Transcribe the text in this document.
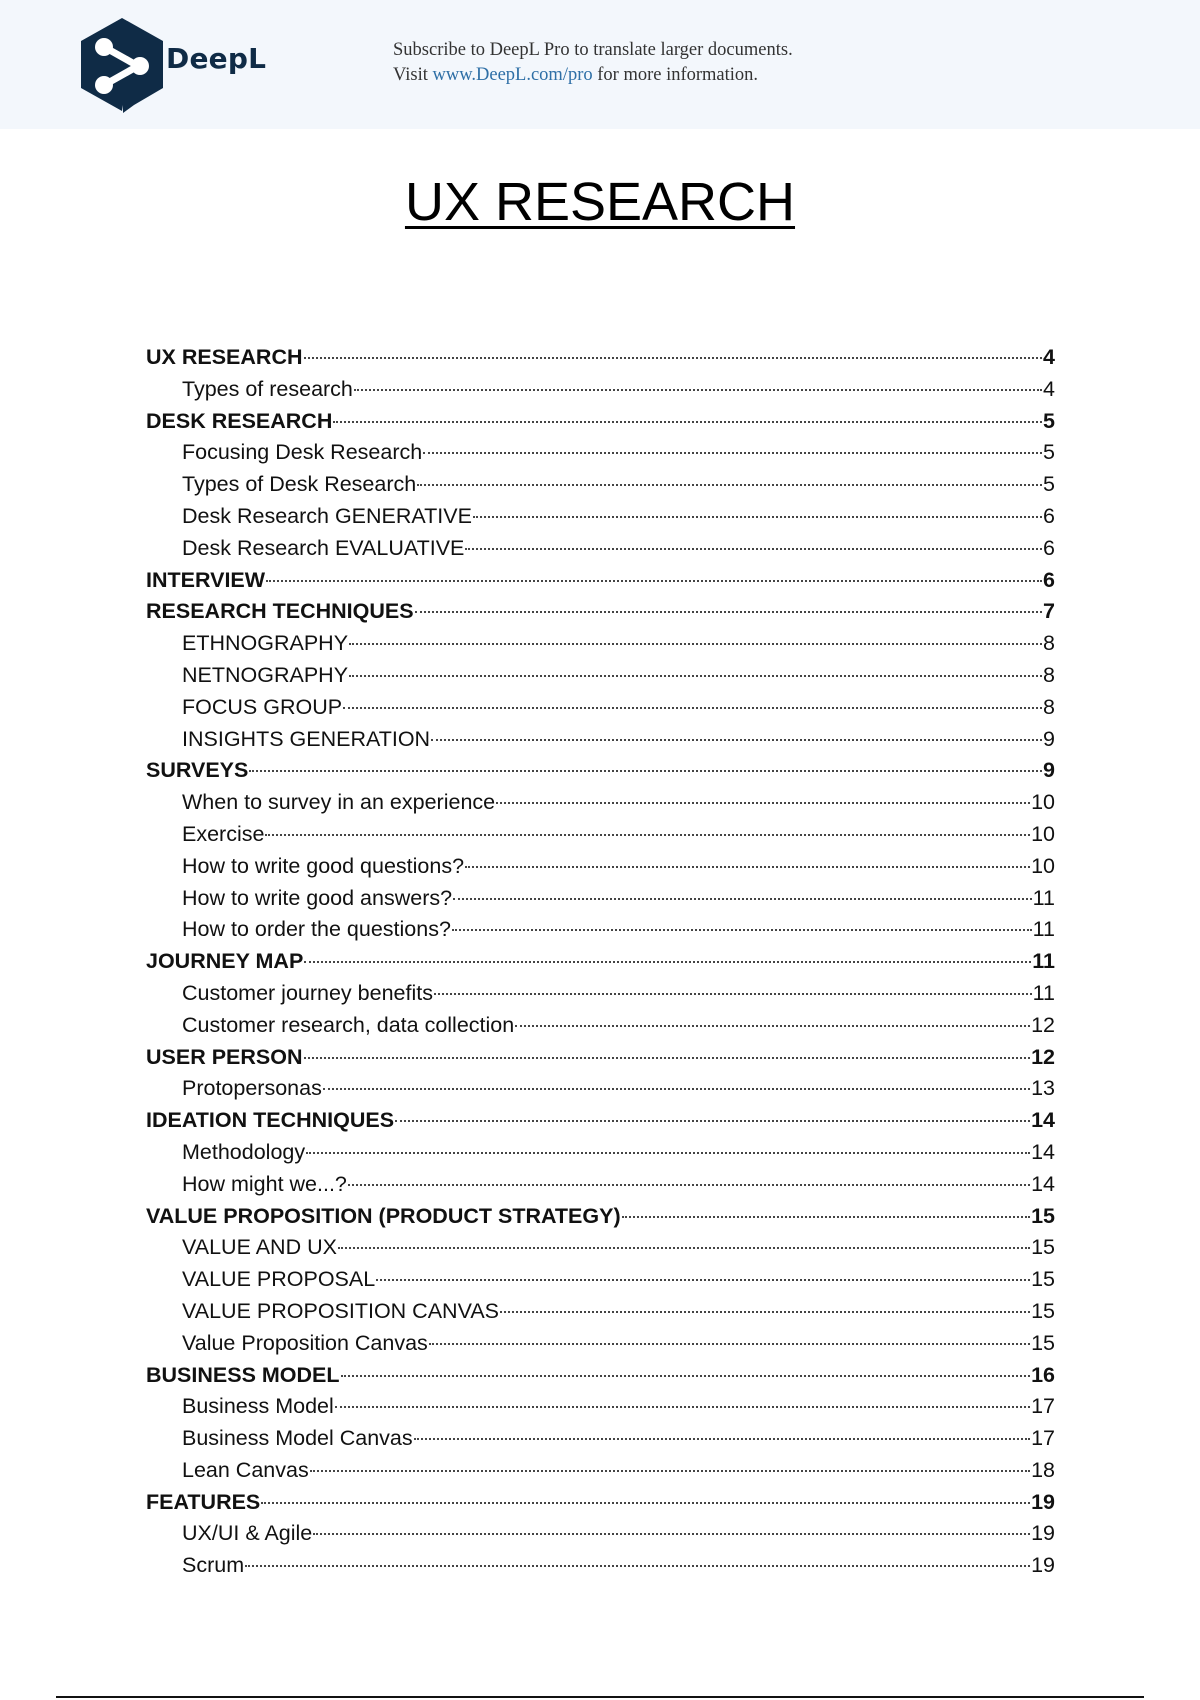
DeepL	Subscribe to DeepL Pro to translate larger documents.
Visit www.DeepL.com/pro for more information.
UX RESEARCH
UX RESEARCH	4
Types of research	4
DESK RESEARCH	5
Focusing Desk Research	5
Types of Desk Research	5
Desk Research GENERATIVE	6
Desk Research EVALUATIVE	6
INTERVIEW	6
RESEARCH TECHNIQUES	7
ETHNOGRAPHY	8
NETNOGRAPHY	8
FOCUS GROUP	8
INSIGHTS GENERATION	9
SURVEYS	9
When to survey in an experience	10
Exercise	10
How to write good questions?	10
How to write good answers?	11
How to order the questions?	11
JOURNEY MAP	11
Customer journey benefits	11
Customer research, data collection	12
USER PERSON	12
Protopersonas	13
IDEATION TECHNIQUES	14
Methodology	14
How might we...?	14
VALUE PROPOSITION (PRODUCT STRATEGY)	15
VALUE AND UX	15
VALUE PROPOSAL	15
VALUE PROPOSITION CANVAS	15
Value Proposition Canvas	15
BUSINESS MODEL	16
Business Model	17
Business Model Canvas	17
Lean Canvas	18
FEATURES	19
UX/UI & Agile	19
Scrum	19
